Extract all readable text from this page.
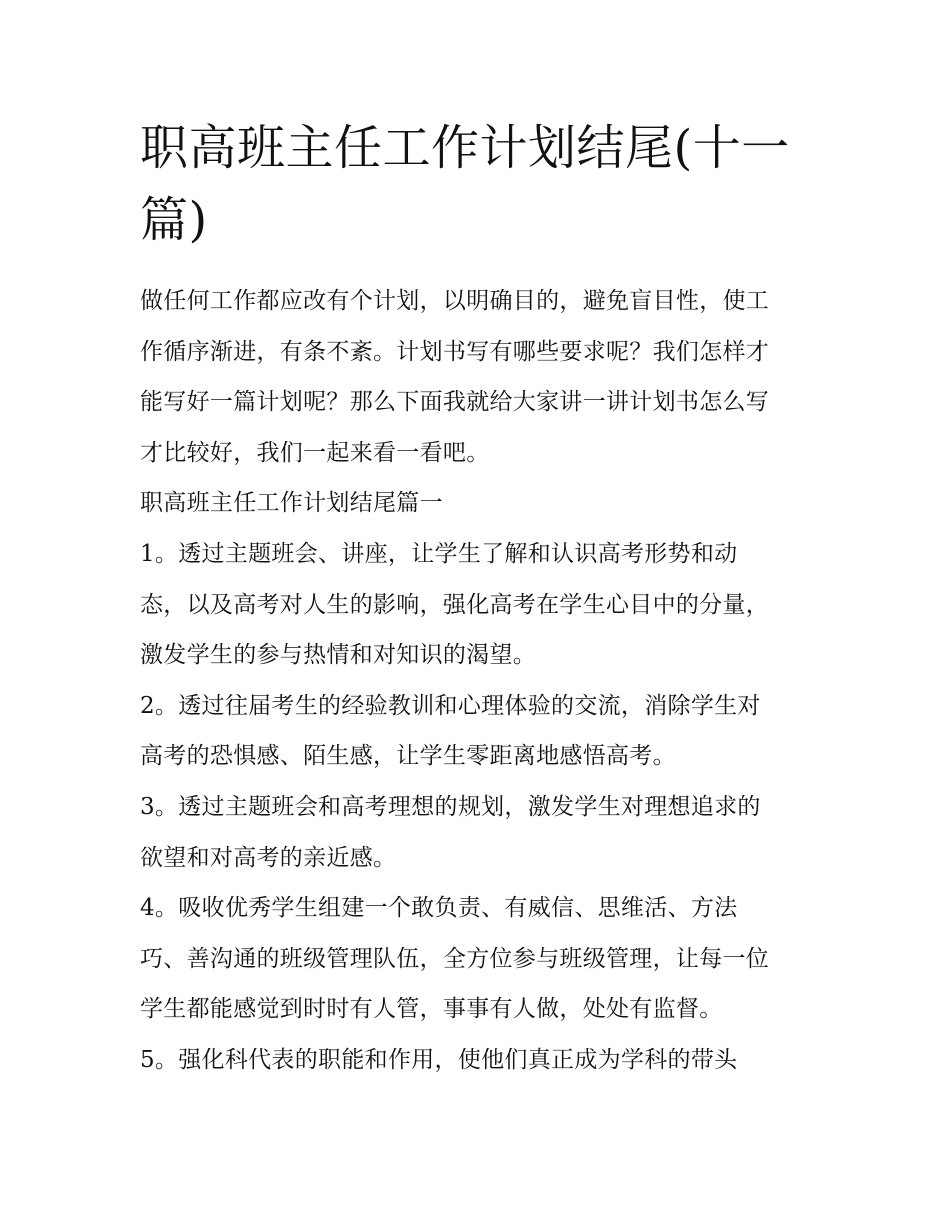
职高班主任工作计划结尾(十一
篇)
做任何工作都应改有个计划，以明确目的，避免盲目性，使工
作循序渐进，有条不紊。计划书写有哪些要求呢？我们怎样才
能写好一篇计划呢？那么下面我就给大家讲一讲计划书怎么写
才比较好，我们一起来看一看吧。
职高班主任工作计划结尾篇一
1。透过主题班会、讲座，让学生了解和认识高考形势和动
态，以及高考对人生的影响，强化高考在学生心目中的分量，
激发学生的参与热情和对知识的渴望。
2。透过往届考生的经验教训和心理体验的交流，消除学生对
高考的恐惧感、陌生感，让学生零距离地感悟高考。
3。透过主题班会和高考理想的规划，激发学生对理想追求的
欲望和对高考的亲近感。
4。吸收优秀学生组建一个敢负责、有威信、思维活、方法
巧、善沟通的班级管理队伍，全方位参与班级管理，让每一位
学生都能感觉到时时有人管，事事有人做，处处有监督。
5。强化科代表的职能和作用，使他们真正成为学科的带头
